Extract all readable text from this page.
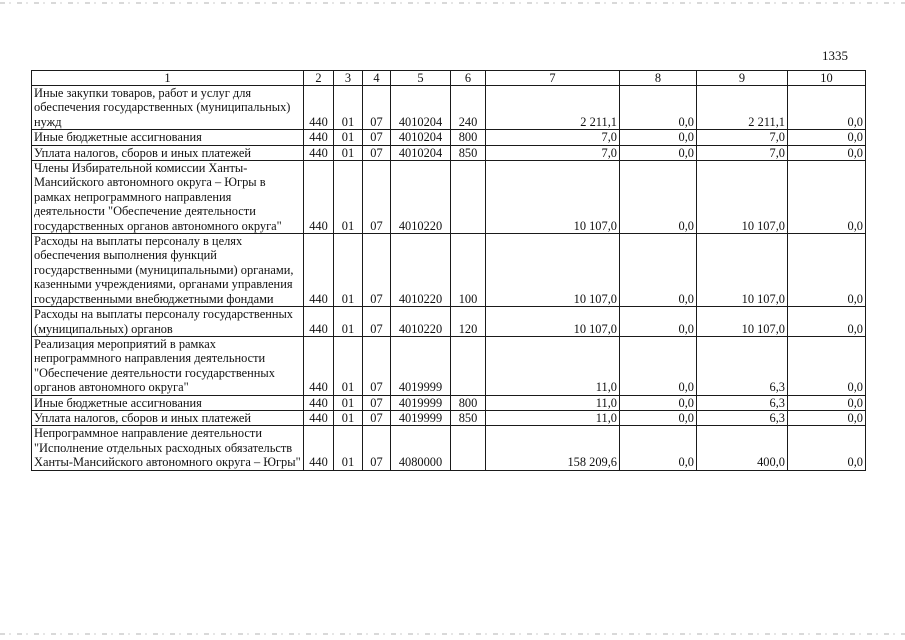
1335
1	2	3	4	5	6	7	8	9	10
Иные закупки товаров, работ и услуг для обеспечения государственных (муниципальных) нужд	440	01	07	4010204	240	2 211,1	0,0	2 211,1	0,0
Иные бюджетные ассигнования	440	01	07	4010204	800	7,0	0,0	7,0	0,0
Уплата налогов, сборов и иных платежей	440	01	07	4010204	850	7,0	0,0	7,0	0,0
Члены Избирательной комиссии Ханты-Мансийского автономного округа – Югры в рамках непрограммного направления деятельности "Обеспечение деятельности государственных органов автономного округа"	440	01	07	4010220		10 107,0	0,0	10 107,0	0,0
Расходы на выплаты персоналу в целях обеспечения выполнения функций государственными (муниципальными) органами, казенными учреждениями, органами управления государственными внебюджетными фондами	440	01	07	4010220	100	10 107,0	0,0	10 107,0	0,0
Расходы на выплаты персоналу государственных (муниципальных) органов	440	01	07	4010220	120	10 107,0	0,0	10 107,0	0,0
Реализация мероприятий в рамках непрограммного направления деятельности "Обеспечение деятельности государственных органов автономного округа"	440	01	07	4019999		11,0	0,0	6,3	0,0
Иные бюджетные ассигнования	440	01	07	4019999	800	11,0	0,0	6,3	0,0
Уплата налогов, сборов и иных платежей	440	01	07	4019999	850	11,0	0,0	6,3	0,0
Непрограммное направление деятельности "Исполнение отдельных расходных обязательств Ханты-Мансийского автономного округа – Югры"	440	01	07	4080000		158 209,6	0,0	400,0	0,0
